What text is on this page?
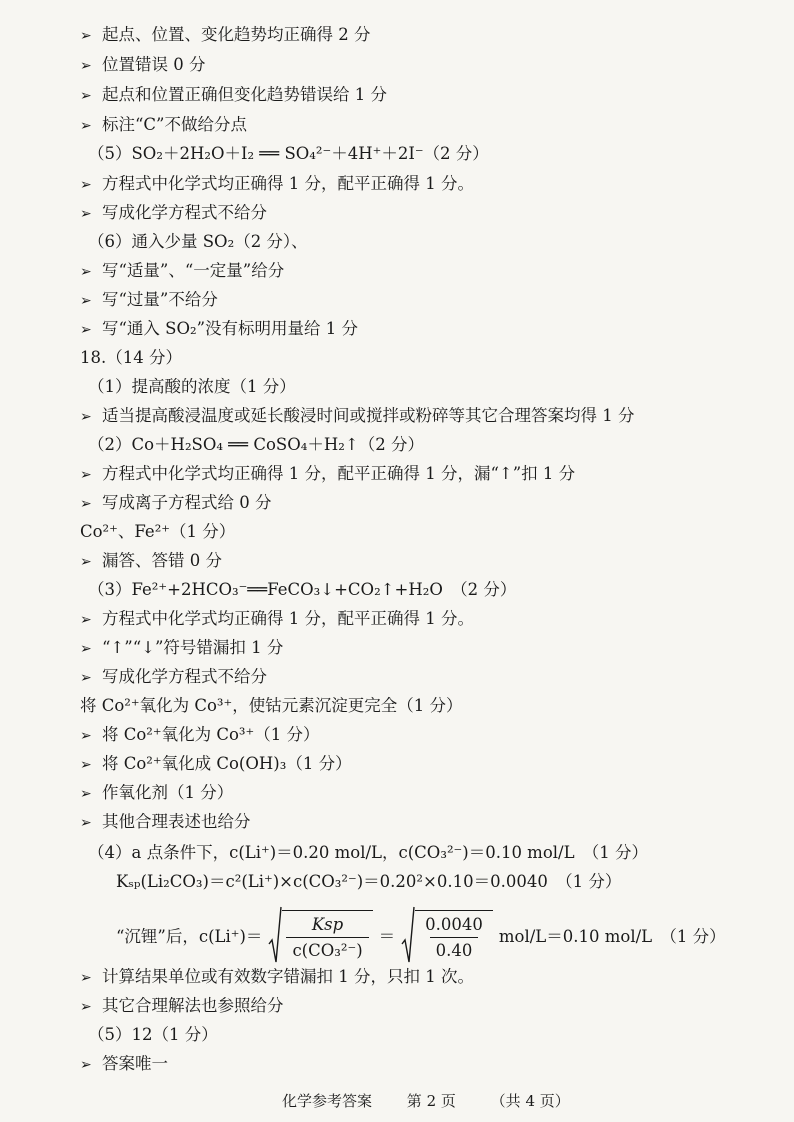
➢ 起点、位置、变化趋势均正确得 2 分
➢ 位置错误 0 分
➢ 起点和位置正确但变化趋势错误给 1 分
➢ 标注“C”不做给分点
（5）SO₂＋2H₂O＋I₂ ══ SO₄²⁻＋4H⁺＋2I⁻（2 分）
➢ 方程式中化学式均正确得 1 分，配平正确得 1 分。
➢ 写成化学方程式不给分
（6）通入少量 SO₂（2 分）、
➢ 写“适量”、“一定量”给分
➢ 写“过量”不给分
➢ 写“通入 SO₂”没有标明用量给 1 分
18.（14 分）
（1）提高酸的浓度（1 分）
➢ 适当提高酸浸温度或延长酸浸时间或搅拌或粉碎等其它合理答案均得 1 分
（2）Co＋H₂SO₄ ══ CoSO₄＋H₂↑（2 分）
➢ 方程式中化学式均正确得 1 分，配平正确得 1 分，漏“↑”扣 1 分
➢ 写成离子方程式给 0 分
Co²⁺、Fe²⁺（1 分）
➢ 漏答、答错 0 分
（3）Fe²⁺+2HCO₃⁻══FeCO₃↓+CO₂↑+H₂O　（2 分）
➢ 方程式中化学式均正确得 1 分，配平正确得 1 分。
➢ “↑”“↓”符号错漏扣 1 分
➢ 写成化学方程式不给分
将 Co²⁺氧化为 Co³⁺，使钴元素沉淀更完全（1 分）
➢ 将 Co²⁺氧化为 Co³⁺（1 分）
➢ 将 Co²⁺氧化成 Co(OH)₃（1 分）
➢ 作氧化剂（1 分）
➢ 其他合理表述也给分
（4）a 点条件下，c(Li⁺)＝0.20 mol/L，c(CO₃²⁻)＝0.10 mol/L　（1 分）
Kₛₚ(Li₂CO₃)＝c²(Li⁺)×c(CO₃²⁻)＝0.20²×0.10＝0.0040　（1 分）
➢ 计算结果单位或有效数字错漏扣 1 分，只扣 1 次。
➢ 其它合理解法也参照给分
（5）12（1 分）
➢ 答案唯一
“沉锂”后，$c(Li^+)= \frac{\text{Ksp}}{\text{c(CO₃²⁻)}} = \frac{0.0040}{0.40} mol/L=0.10$ mol/L　（1 分）
化学参考答案 第 2 页 （共 4 页）
